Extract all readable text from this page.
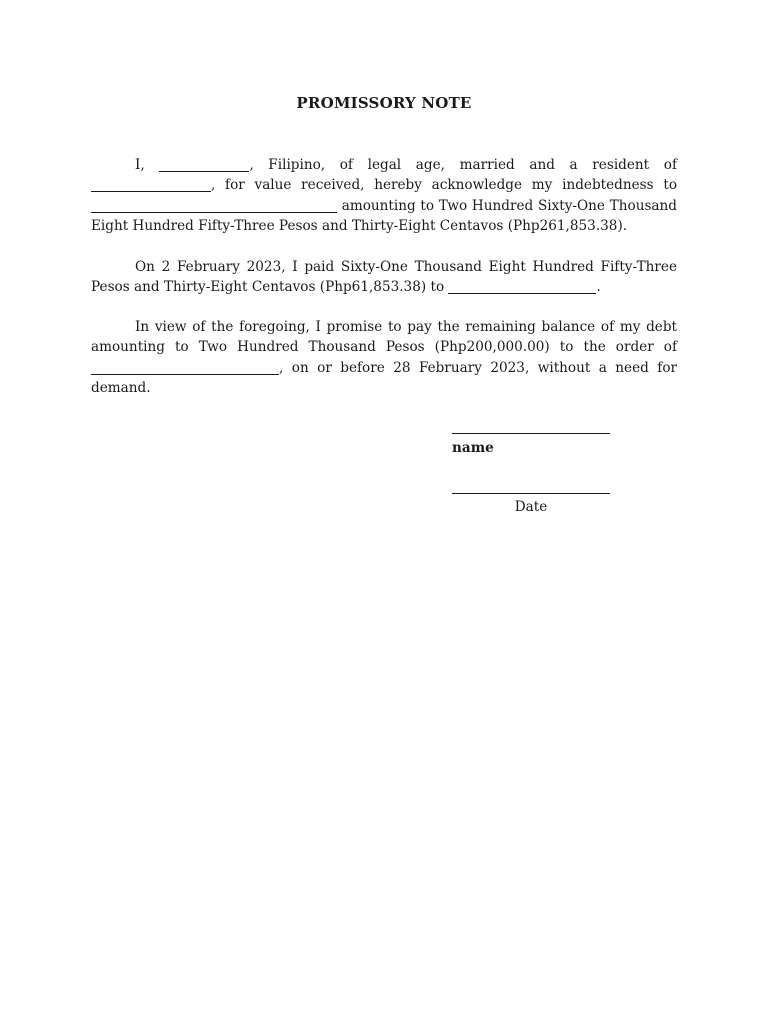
PROMISSORY NOTE
I,	, Filipino, of legal age, married and a resident of , for value received, hereby acknowledge my indebtedness to  amounting to Two Hundred Sixty-One Thousand Eight Hundred Fifty-Three Pesos and Thirty-Eight Centavos (Php261,853.38).
On 2 February 2023, I paid Sixty-One Thousand Eight Hundred Fifty-Three Pesos and Thirty-Eight Centavos (Php61,853.38) to	.
In view of the foregoing, I promise to pay the remaining balance of my debt amounting to Two Hundred Thousand Pesos (Php200,000.00) to the order of , on or before 28 February 2023, without a need for demand.
name
Date
